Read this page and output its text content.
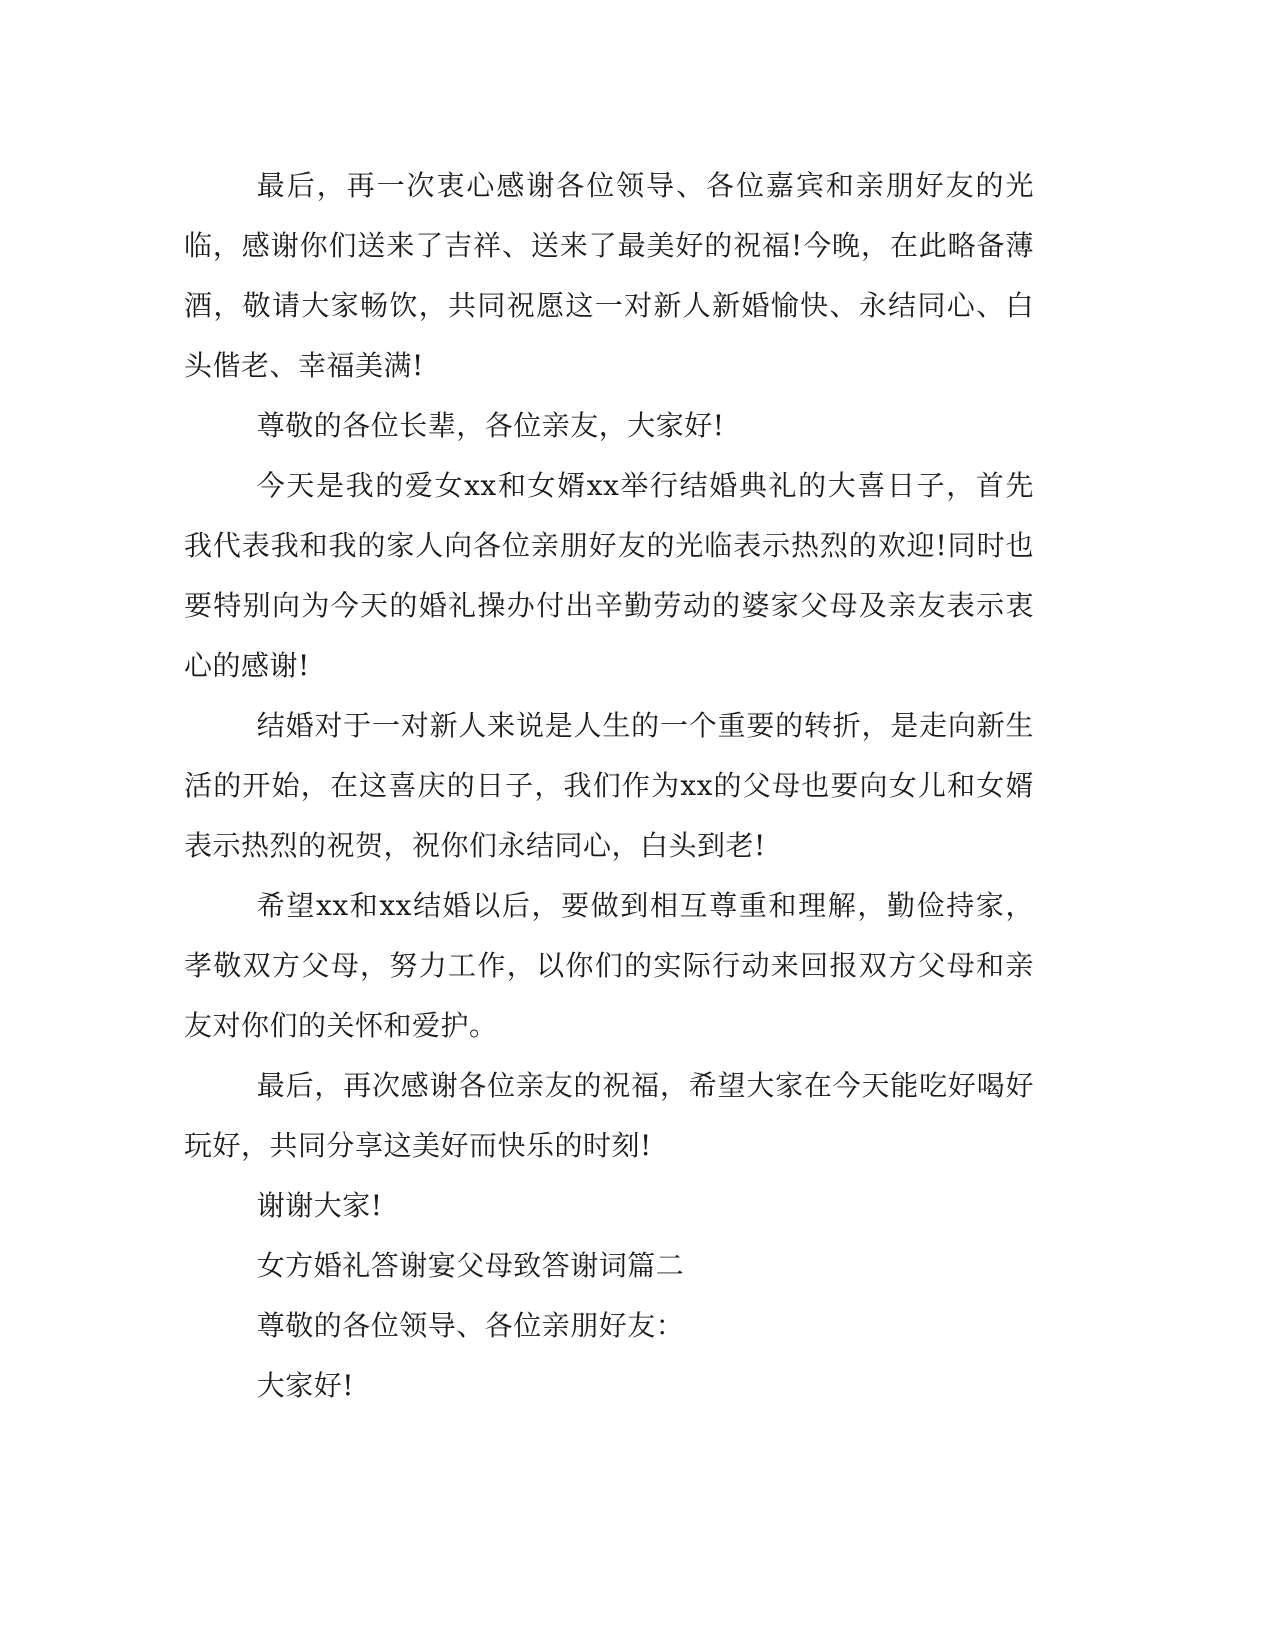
最后，再一次衷心感谢各位领导、各位嘉宾和亲朋好友的光临，感谢你们送来了吉祥、送来了最美好的祝福!今晚，在此略备薄酒，敬请大家畅饮，共同祝愿这一对新人新婚愉快、永结同心、白头偕老、幸福美满!

尊敬的各位长辈，各位亲友，大家好!

今天是我的爱女xx和女婿xx举行结婚典礼的大喜日子，首先我代表我和我的家人向各位亲朋好友的光临表示热烈的欢迎!同时也要特别向为今天的婚礼操办付出辛勤劳动的婆家父母及亲友表示衷心的感谢!

结婚对于一对新人来说是人生的一个重要的转折，是走向新生活的开始，在这喜庆的日子，我们作为xx的父母也要向女儿和女婿表示热烈的祝贺，祝你们永结同心，白头到老!

希望xx和xx结婚以后，要做到相互尊重和理解，勤俭持家，孝敬双方父母，努力工作，以你们的实际行动来回报双方父母和亲友对你们的关怀和爱护。

最后，再次感谢各位亲友的祝福，希望大家在今天能吃好喝好玩好，共同分享这美好而快乐的时刻!

谢谢大家!

女方婚礼答谢宴父母致答谢词篇二

尊敬的各位领导、各位亲朋好友：

大家好!
